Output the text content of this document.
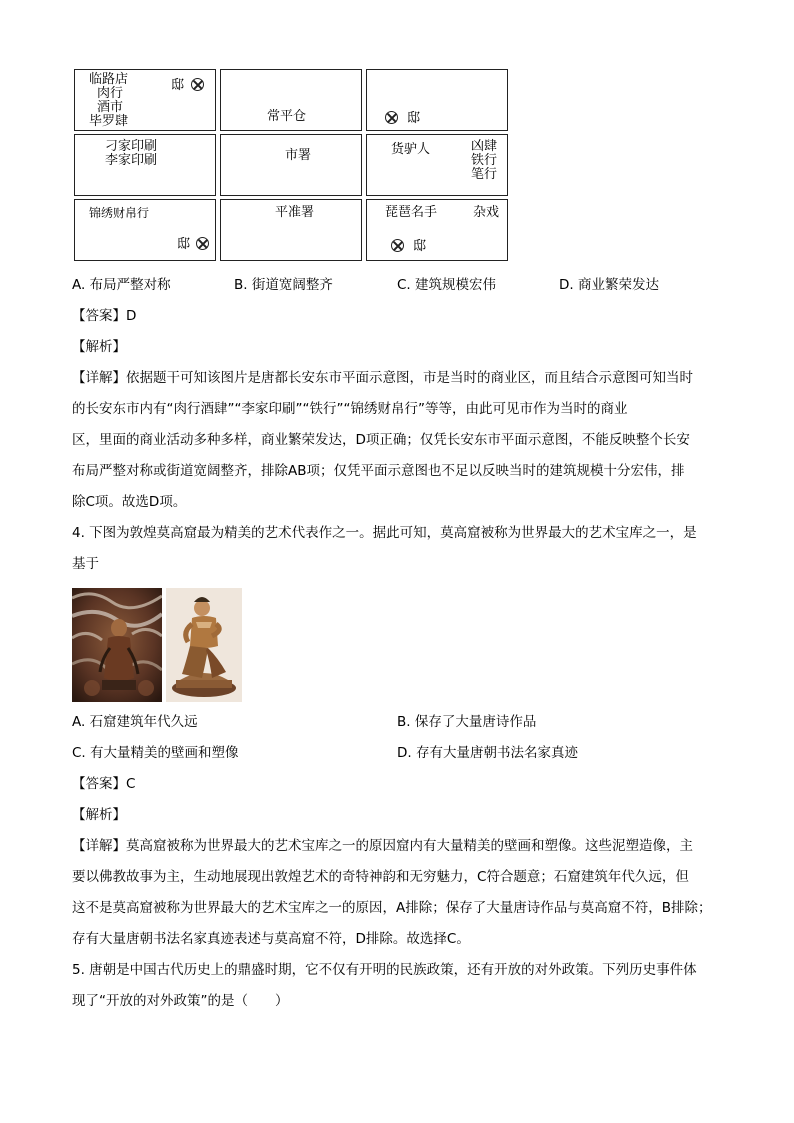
临路店
肉行
酒市
毕罗肆
邸
常平仓	邸
刁家印刷
李家印刷	市署	货驴人	凶肆
铁行
笔行
锦绣财帛行
邸
平准署	琵琶名手	杂戏
邸
A. 布局严整对称	B. 街道宽阔整齐	C. 建筑规模宏伟	D. 商业繁荣发达
【答案】D
【解析】
【详解】依据题干可知该图片是唐都长安东市平面示意图，市是当时的商业区，而且结合示意图可知当时
的长安东市内有“肉行酒肆”“李家印刷”“铁行”“锦绣财帛行”等等，由此可见市作为当时的商业
区，里面的商业活动多种多样，商业繁荣发达，D项正确；仅凭长安东市平面示意图，不能反映整个长安
布局严整对称或街道宽阔整齐，排除AB项；仅凭平面示意图也不足以反映当时的建筑规模十分宏伟，排
除C项。故选D项。
4. 下图为敦煌莫高窟最为精美的艺术代表作之一。据此可知，莫高窟被称为世界最大的艺术宝库之一，是
基于
A. 石窟建筑年代久远	B. 保存了大量唐诗作品
C. 有大量精美的壁画和塑像	D. 存有大量唐朝书法名家真迹
【答案】C
【解析】
【详解】莫高窟被称为世界最大的艺术宝库之一的原因窟内有大量精美的壁画和塑像。这些泥塑造像，主
要以佛教故事为主，生动地展现出敦煌艺术的奇特神韵和无穷魅力，C符合题意；石窟建筑年代久远，但
这不是莫高窟被称为世界最大的艺术宝库之一的原因，A排除；保存了大量唐诗作品与莫高窟不符，B排除；
存有大量唐朝书法名家真迹表述与莫高窟不符，D排除。故选择C。
5. 唐朝是中国古代历史上的鼎盛时期，它不仅有开明的民族政策，还有开放的对外政策。下列历史事件体
现了“开放的对外政策”的是（　　）
